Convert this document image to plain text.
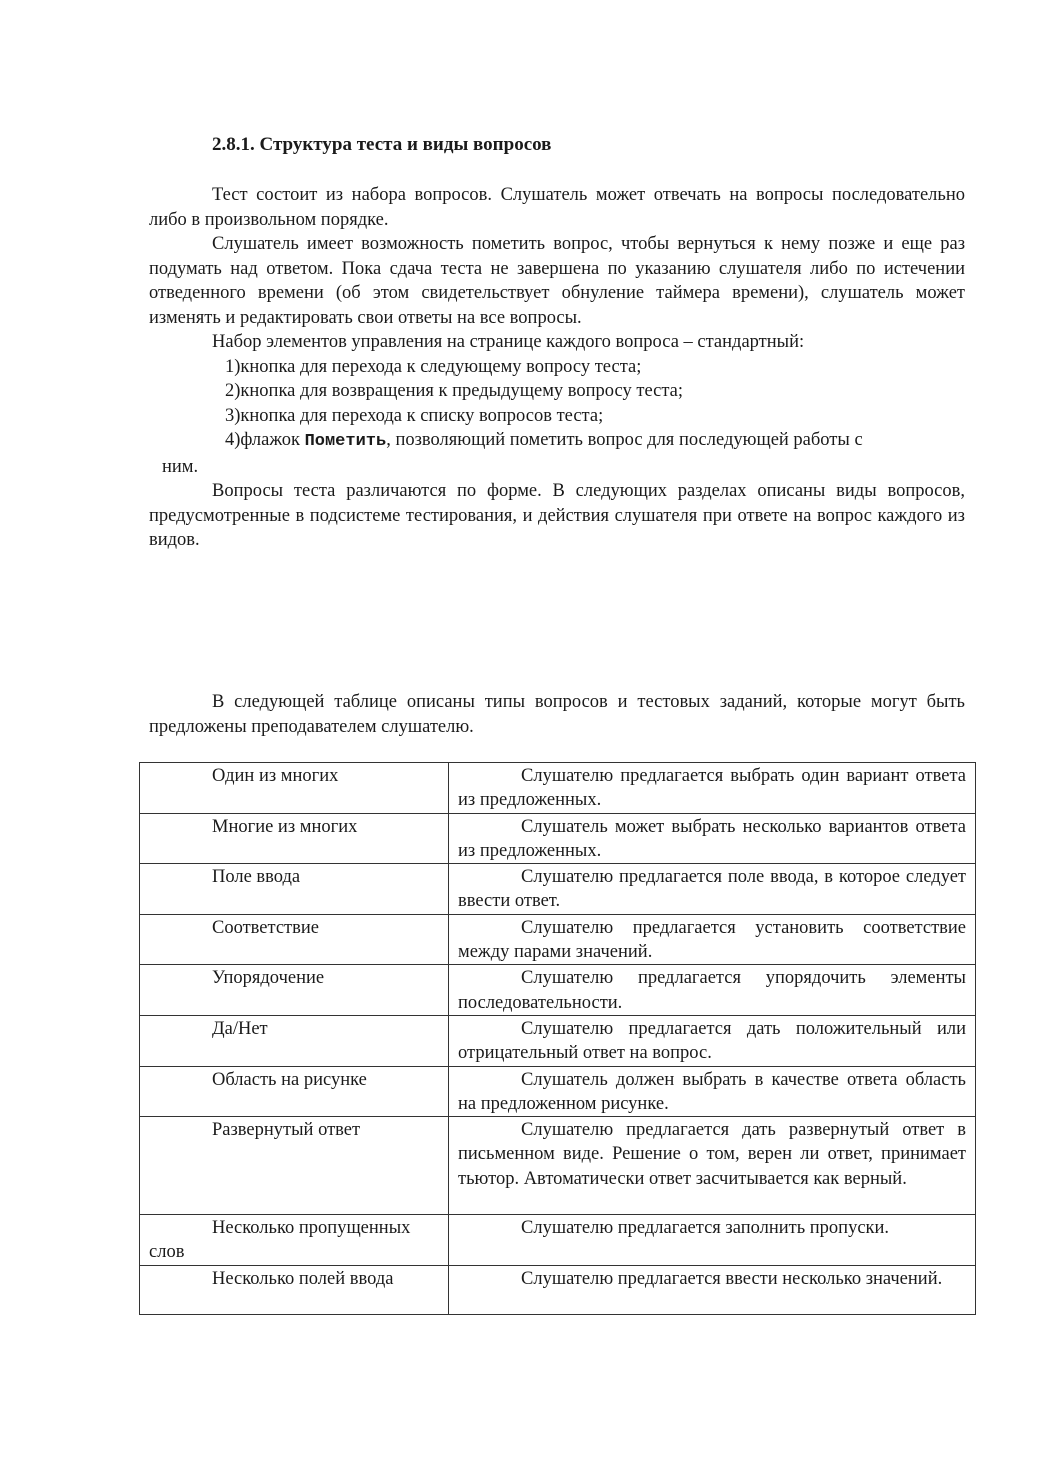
2.8.1. Структура теста и виды вопросов

Тест состоит из набора вопросов. Слушатель может отвечать на вопросы последовательно либо в произвольном порядке.

Слушатель имеет возможность пометить вопрос, чтобы вернуться к нему позже и еще раз подумать над ответом. Пока сдача теста не завершена по указанию слушателя либо по истечении отведенного времени (об этом свидетельствует обнуление таймера времени), слушатель может изменять и редактировать свои ответы на все вопросы.

Набор элементов управления на странице каждого вопроса – стандартный:

1)кнопка для перехода к следующему вопросу теста;
2)кнопка для возвращения к предыдущему вопросу теста;
3)кнопка для перехода к списку вопросов теста;
4)флажок Пометить, позволяющий пометить вопрос для последующей работы с
ним.

Вопросы теста различаются по форме. В следующих разделах описаны виды вопросов, предусмотренные в подсистеме тестирования, и действия слушателя при ответе на вопрос каждого из видов.

В следующей таблице описаны типы вопросов и тестовых заданий, которые могут быть предложены преподавателем слушателю.

Один из многих	Слушателю предлагается выбрать один вариант ответа из предложенных.

Многие из многих	Слушатель может выбрать несколько вариантов ответа из предложенных.

Поле ввода	Слушателю предлагается поле ввода, в которое следует ввести ответ.

Соответствие	Слушателю предлагается установить соответствие между парами значений.

Упорядочение	Слушателю предлагается упорядочить элементы последовательности.

Да/Нет	Слушателю предлагается дать положительный или отрицательный ответ на вопрос.

Область на рисунке	Слушатель должен выбрать в качестве ответа область на предложенном рисунке.

Развернутый ответ	Слушателю предлагается дать развернутый ответ в письменном виде. Решение о том, верен ли ответ, принимает тьютор. Автоматически ответ засчитывается как верный.

Несколько пропущенных слов	Слушателю предлагается заполнить пропуски.

Несколько полей ввода	Слушателю предлагается ввести несколько значений.
